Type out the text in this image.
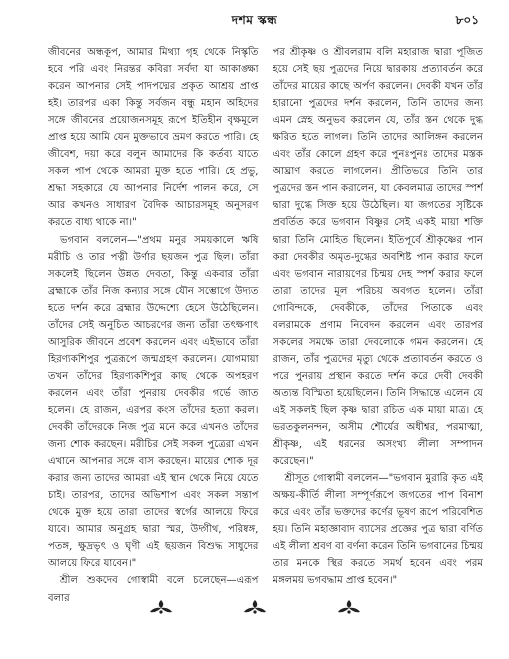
দশম স্কন্ধ	৮০১

জীবনের অন্ধকূপ, আমার মিথ্যা গৃহ থেকে নিস্কৃতি হবে পরি এবং নিরন্তর কবিরা সর্বদা যা আকাঙ্ক্ষা করেন আপনার সেই পাদপদ্মের প্রকৃত আশ্রয় প্রাপ্ত হই। তারপর একা কিন্তু সর্বজন বন্ধু মহান অহিদের সঙ্গে জীবনের প্রয়োজনসমূহ রূপে ইতিহীন বৃক্ষমূলে প্রাপ্ত হয়ে আমি যেন মুক্তভাবে ভ্রমণ করতে পারি। হে জীবেশ, দয়া করে বলুন আমাদের কি কর্তব্য যাতে সকল পাপ থেকে আমরা মুক্ত হতে পারি। হে প্রভু, শ্রদ্ধা সহকারে যে আপনার নির্দেশ পালন করে, সে আর কখনও সাধারণ বৈদিক আচারসমূহ অনুসরণ করতে বাধ্য থাকে না।"

ভগবান বললেন—"প্রথম মনুর সময়কালে ঋষি মরীচি ও তার পত্নী উর্ণার ছয়জন পুত্র ছিল। তাঁরা সকলেই ছিলেন উন্নত দেবতা, কিন্তু একবার তাঁরা ব্রহ্মাকে তাঁর নিজ কন্যার সঙ্গে যৌন সম্ভোগে উদ্যত হতে দর্শন করে ব্রহ্মার উদ্দেশ্যে হেসে উঠেছিলেন। তাঁদের সেই অনুচিত আচরণের জন্য তাঁরা তৎক্ষণাৎ আসুরিক জীবনে প্রবেশ করলেন এবং এইভাবে তাঁরা হিরণ্যকশিপুর পুত্ররূপে জন্মগ্রহণ করলেন। যোগমায়া তখন তাঁদের হিরণ্যকশিপুর কাছ থেকে অপহরণ করলেন এবং তাঁরা পুনরায় দেবকীর গর্ভে জাত হলেন। হে রাজন, এরপর কংস তাঁদের হত্যা করল। দেবকী তাঁদেরকে নিজ পুত্র মনে করে এখনও তাঁদের জন্য শোক করছেন। মরীচির সেই সকল পুত্রেরা এখন এখানে আপনার সঙ্গে বাস করছেন। মায়ের শোক দূর করার জন্য তাদের আমরা এই স্থান থেকে নিয়ে যেতে চাই। তারপর, তাদের অভিশাপ এবং সকল সন্তাপ থেকে মুক্ত হয়ে তারা তাদের স্বর্গের আলয়ে ফিরে যাবে। আমার অনুগ্রহ দ্বারা স্মর, উদ্গীথ, পরিষ্বঙ্গ, পতঙ্গ, ক্ষুদ্রভৃৎ ও ঘৃণী এই ছয়জন বিশুদ্ধ সাধুদের আলয়ে ফিরে যাবেন।"

শ্রীল শুকদেব গোস্বামী বলে চলেছেন—এরূপ বলার

পর শ্রীকৃষ্ণ ও শ্রীবলরাম বলি মহারাজ দ্বারা পূজিত হয়ে সেই ছয় পুত্রদের নিয়ে দ্বারকায় প্রত্যাবর্তন করে তাঁদের মায়ের কাছে অর্পণ করলেন। দেবকী যখন তাঁর হারানো পুত্রদের দর্শন করলেন, তিনি তাদের জন্য এমন স্নেহ অনুভব করলেন যে, তাঁর স্তন থেকে দুগ্ধ ক্ষরিত হতে লাগল। তিনি তাদের আলিঙ্গন করলেন এবং তাঁর কোলে গ্রহণ করে পুনঃপুনঃ তাদের মস্তক আঘ্রাণ করতে লাগলেন। প্রীতিভরে তিনি তার পুত্রদের স্তন পান করালেন, যা কেবলমাত্র তাদের স্পর্শ দ্বারা দুগ্ধে সিক্ত হয়ে উঠেছিল। যা জগতের সৃষ্টিকে প্রবর্তিত করে ভগবান বিষ্ণুর সেই একই মায়া শক্তি দ্বারা তিনি মোহিত ছিলেন। ইতিপূর্বে শ্রীকৃষ্ণের পান করা দেবকীর অমৃত-দুগ্ধের অবশিষ্ট পান করার ফলে এবং ভগবান নারায়ণের চিন্ময় দেহ স্পর্শ করার ফলে তারা তাদের মূল পরিচয় অবগত হলেন। তাঁরা গোবিন্দকে, দেবকীকে, তাঁদের পিতাকে এবং বলরামকে প্রণাম নিবেদন করলেন এবং তারপর সকলের সমক্ষে তারা দেবলোকে গমন করলেন। হে রাজন, তাঁর পুত্রদের মৃত্যু থেকে প্রত্যাবর্তন করতে ও পরে পুনরায় প্রস্থান করতে দর্শন করে দেবী দেবকী অত্যন্ত বিস্মিতা হয়েছিলেন। তিনি সিদ্ধান্তে এলেন যে এই সকলই ছিল কৃষ্ণ দ্বারা রচিত এক মায়া মাত্র। হে ভরতকুলনন্দন, অসীম শৌর্যের অধীশ্বর, পরমাত্মা, শ্রীকৃষ্ণ, এই ধরনের অসংখ্য লীলা সম্পাদন করেছেন।"

শ্রীসূত গোস্বামী বললেন—"ভগবান মুরারি কৃত এই অক্ষয়-কীর্তি লীলা সম্পূর্ণরূপে জগতের পাপ বিনাশ করে এবং তাঁর ভক্তদের কর্ণের ভূষণ রূপে পরিবেশিত হয়। তিনি মহাজ্ঞাবাদ ব্যাসের প্রজ্ঞের পুত্র দ্বারা বর্ণিত এই লীলা শ্রবণ বা বর্ণনা করেন তিনি ভগবানের চিন্ময় তার মনকে স্থির করতে সমর্থ হবেন এবং পরম মঙ্গলময় ভগবদ্ধাম প্রাপ্ত হবেন।"
